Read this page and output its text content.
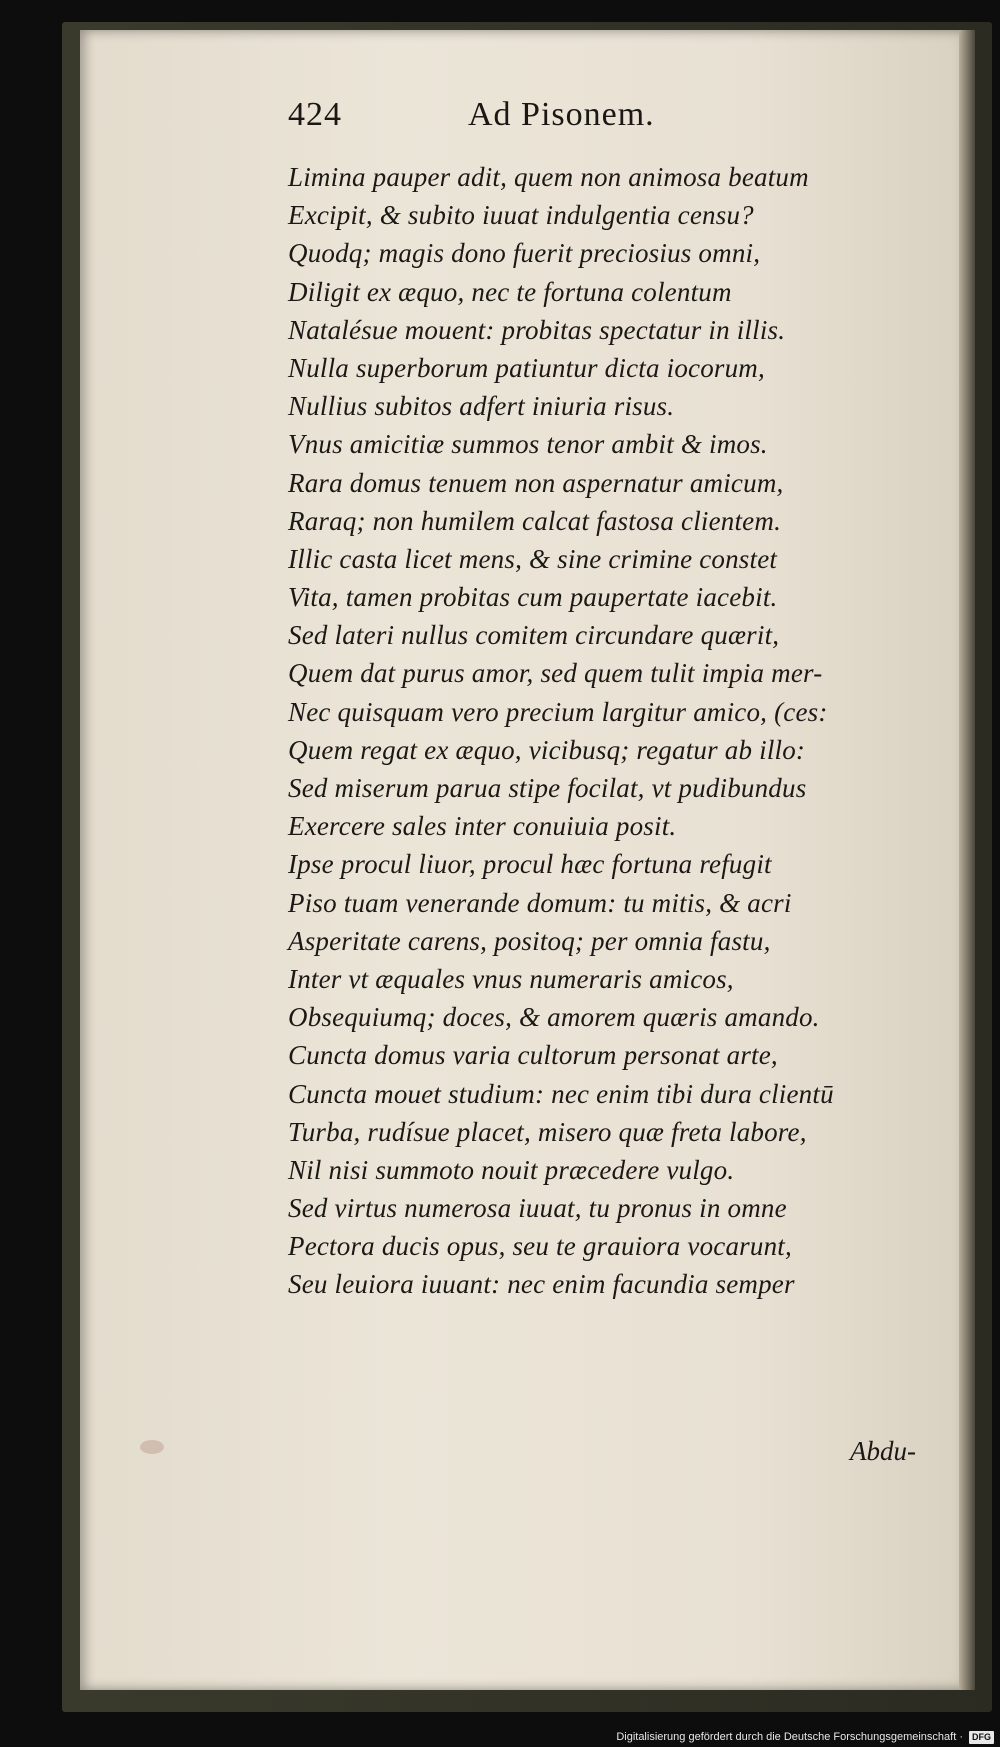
424	Ad Pisonem.
Limina pauper adit, quem non animosa beatum
Excipit, & subito iuuat indulgentia censu?
Quodq; magis dono fuerit preciosius omni,
Diligit ex æquo, nec te fortuna colentum
Natalésue mouent: probitas spectatur in illis.
Nulla superborum patiuntur dicta iocorum,
Nullius subitos adfert iniuria risus.
Vnus amicitiæ summos tenor ambit & imos.
Rara domus tenuem non aspernatur amicum,
Raraq; non humilem calcat fastosa clientem.
Illic casta licet mens, & sine crimine constet
Vita, tamen probitas cum paupertate iacebit.
Sed lateri nullus comitem circundare quærit,
Quem dat purus amor, sed quem tulit impia mer-
Nec quisquam vero precium largitur amico, (ces:
Quem regat ex æquo, vicibusq; regatur ab illo:
Sed miserum parua stipe focilat, vt pudibundus
Exercere sales inter conuiuia posit.
Ipse procul liuor, procul hæc fortuna refugit
Piso tuam venerande domum: tu mitis, & acri
Asperitate carens, positoq; per omnia fastu,
Inter vt æquales vnus numeraris amicos,
Obsequiumq; doces, & amorem quæris amando.
Cuncta domus varia cultorum personat arte,
Cuncta mouet studium: nec enim tibi dura clientū
Turba, rudísue placet, misero quæ freta labore,
Nil nisi summoto nouit præcedere vulgo.
Sed virtus numerosa iuuat, tu pronus in omne
Pectora ducis opus, seu te grauiora vocarunt,
Seu leuiora iuuant: nec enim facundia semper
Abdu-
Digitalisierung gefördert durch die Deutsche Forschungsgemeinschaft ·	DFG
